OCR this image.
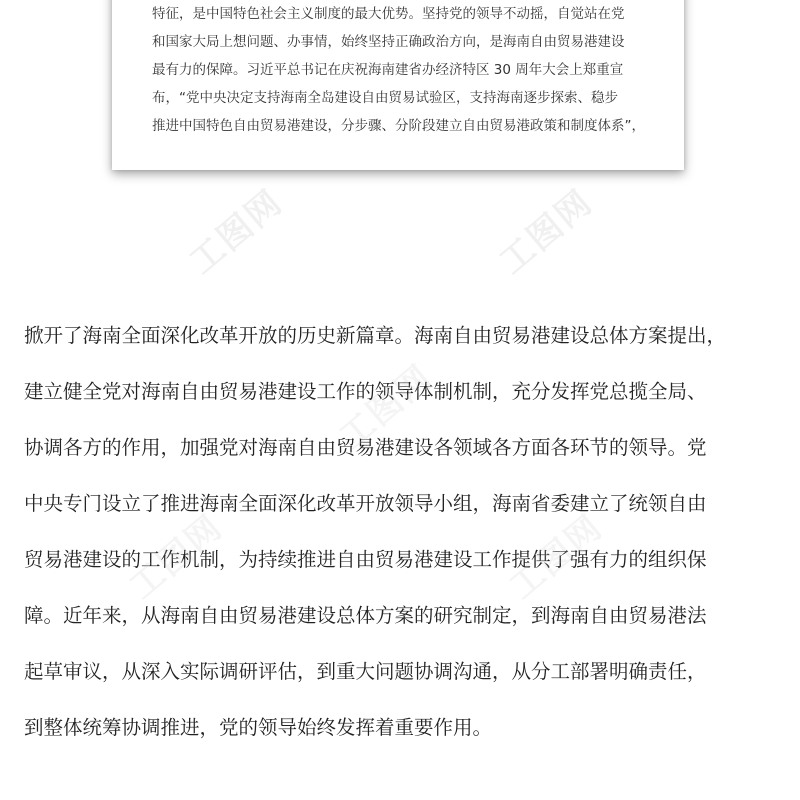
特征，是中国特色社会主义制度的最大优势。坚持党的领导不动摇，自觉站在党
和国家大局上想问题、办事情，始终坚持正确政治方向，是海南自由贸易港建设
最有力的保障。习近平总书记在庆祝海南建省办经济特区 30 周年大会上郑重宣
布，“党中央决定支持海南全岛建设自由贸易试验区，支持海南逐步探索、稳步
推进中国特色自由贸易港建设，分步骤、分阶段建立自由贸易港政策和制度体系”，
工图网	工图网
掀开了海南全面深化改革开放的历史新篇章。海南自由贸易港建设总体方案提出，
建立健全党对海南自由贸易港建设工作的领导体制机制，充分发挥党总揽全局、
协调各方的作用，加强党对海南自由贸易港建设各领域各方面各环节的领导。党
中央专门设立了推进海南全面深化改革开放领导小组，海南省委建立了统领自由
贸易港建设的工作机制，为持续推进自由贸易港建设工作提供了强有力的组织保
障。近年来，从海南自由贸易港建设总体方案的研究制定，到海南自由贸易港法
起草审议，从深入实际调研评估，到重大问题协调沟通，从分工部署明确责任，
到整体统筹协调推进，党的领导始终发挥着重要作用。
工图网
工图网	工图网
